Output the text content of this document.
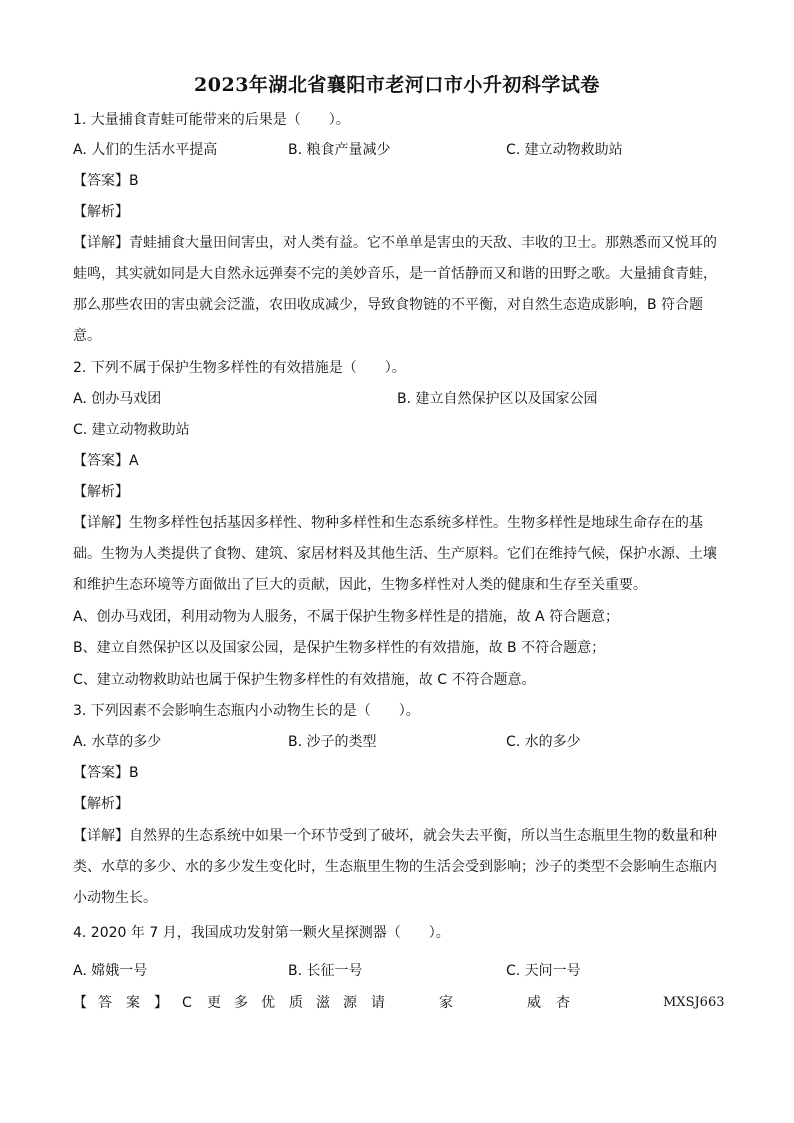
2023年湖北省襄阳市老河口市小升初科学试卷
1. 大量捕食青蛙可能带来的后果是（　　）。
A. 人们的生活水平提高	B. 粮食产量减少	C. 建立动物救助站
【答案】B
【解析】
【详解】青蛙捕食大量田间害虫，对人类有益。它不单单是害虫的天敌、丰收的卫士。那熟悉而又悦耳的
蛙鸣，其实就如同是大自然永远弹奏不完的美妙音乐，是一首恬静而又和谐的田野之歌。大量捕食青蛙，
那么那些农田的害虫就会泛滥，农田收成减少，导致食物链的不平衡，对自然生态造成影响，B 符合题
意。
2. 下列不属于保护生物多样性的有效措施是（　　）。
A. 创办马戏团	B. 建立自然保护区以及国家公园
C. 建立动物救助站
【答案】A
【解析】
【详解】生物多样性包括基因多样性、物种多样性和生态系统多样性。生物多样性是地球生命存在的基
础。生物为人类提供了食物、建筑、家居材料及其他生活、生产原料。它们在维持气候，保护水源、土壤
和维护生态环境等方面做出了巨大的贡献，因此，生物多样性对人类的健康和生存至关重要。
A、创办马戏团，利用动物为人服务，不属于保护生物多样性是的措施，故 A 符合题意；
B、建立自然保护区以及国家公园，是保护生物多样性的有效措施，故 B 不符合题意；
C、建立动物救助站也属于保护生物多样性的有效措施，故 C 不符合题意。
3. 下列因素不会影响生态瓶内小动物生长的是（　　）。
A. 水草的多少	B. 沙子的类型	C. 水的多少
【答案】B
【解析】
【详解】自然界的生态系统中如果一个环节受到了破坏，就会失去平衡，所以当生态瓶里生物的数量和种
类、水草的多少、水的多少发生变化时，生态瓶里生物的生活会受到影响；沙子的类型不会影响生态瓶内
小动物生长。
4. 2020 年 7 月，我国成功发射第一颗火星探测器（　　）。
A. 嫦娥一号	B. 长征一号	C. 天问一号
【 答 案 】 C 更 多 优 质 滋 源 请	家	威 杏	MXSJ663
